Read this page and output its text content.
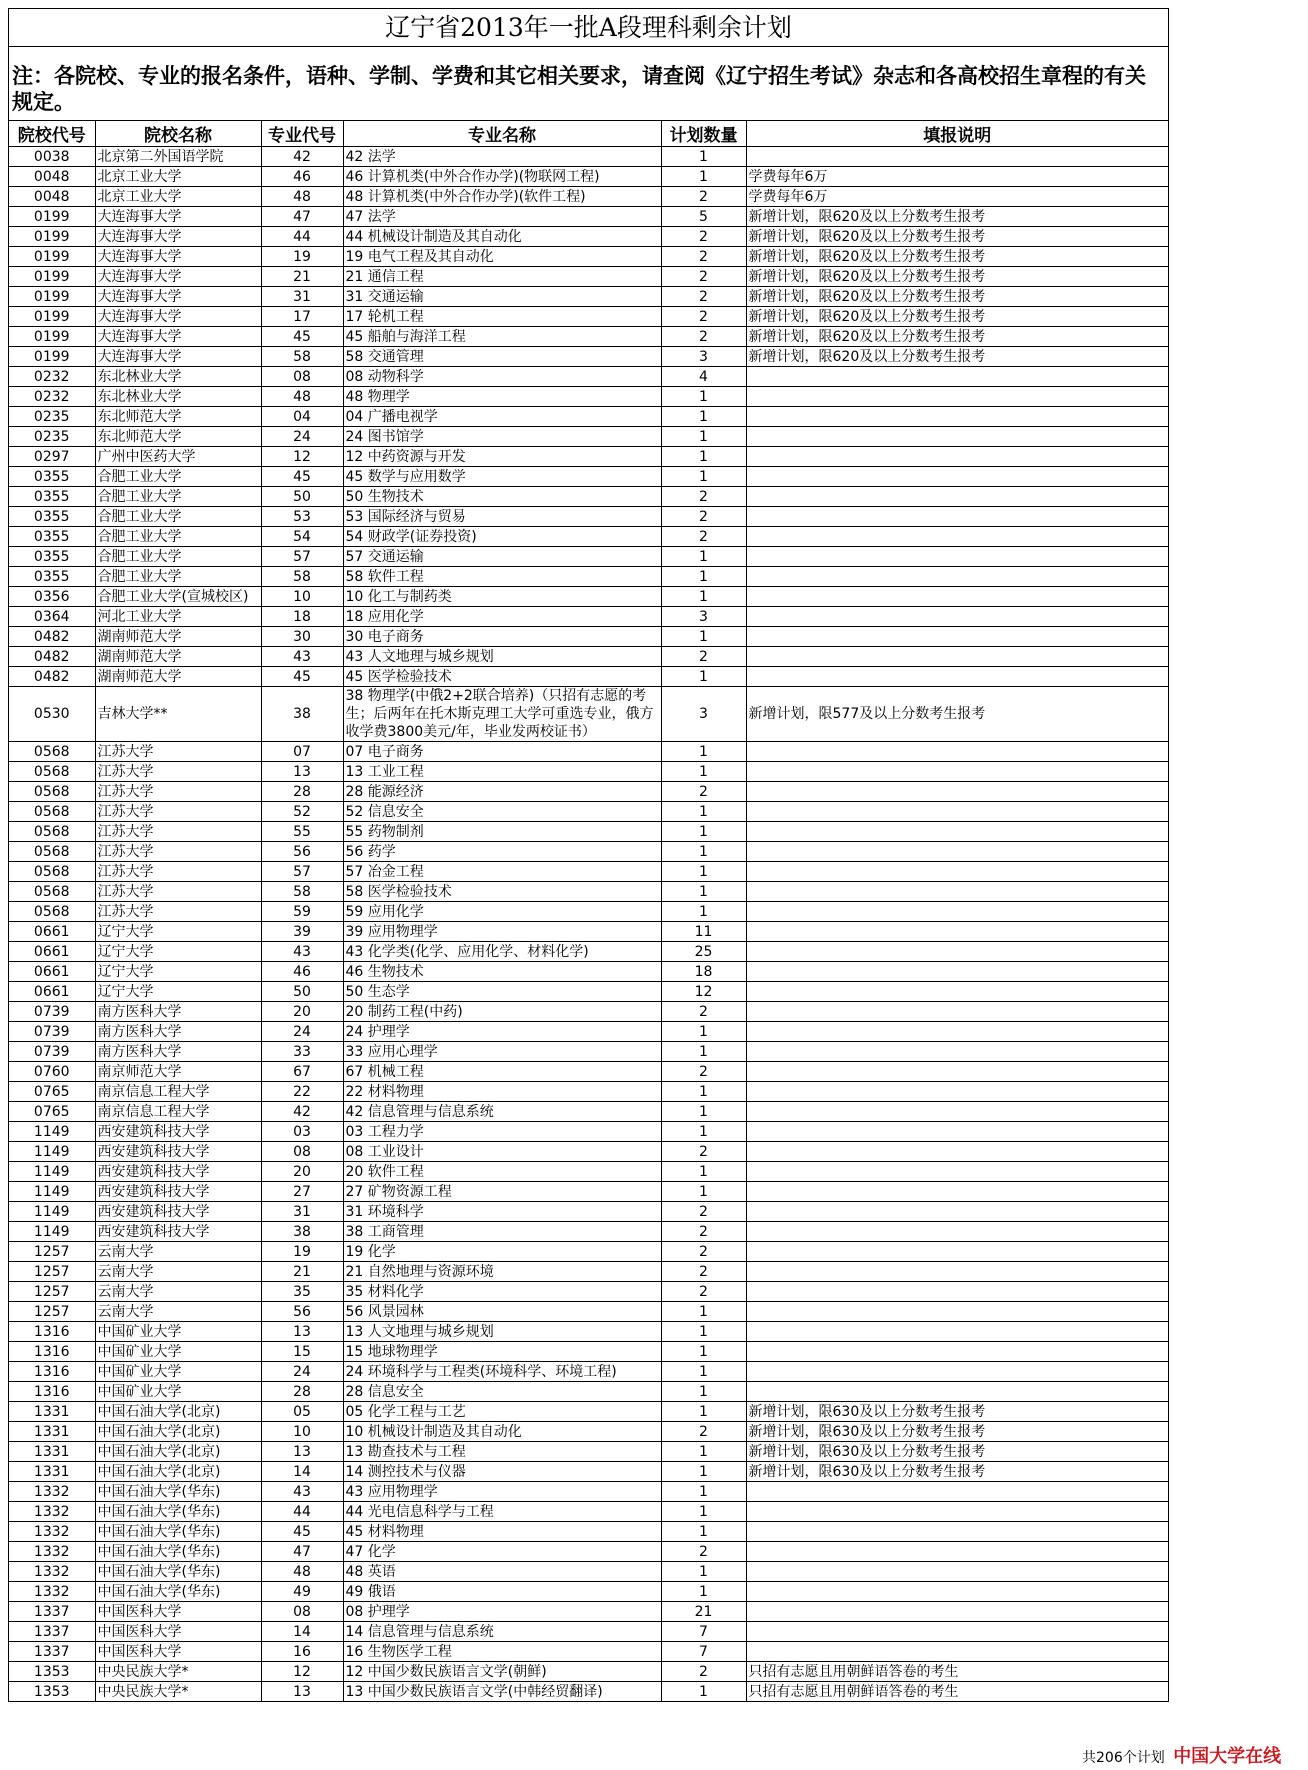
辽宁省2013年一批A段理科剩余计划
注：各院校、专业的报名条件，语种、学制、学费和其它相关要求，请查阅《辽宁招生考试》杂志和各高校招生章程的有关规定。
院校代号	院校名称	专业代号	专业名称	计划数量	填报说明
0038	北京第二外国语学院	42	42 法学	1	
0048	北京工业大学	46	46 计算机类(中外合作办学)(物联网工程)	1	学费每年6万
0048	北京工业大学	48	48 计算机类(中外合作办学)(软件工程)	2	学费每年6万
0199	大连海事大学	47	47 法学	5	新增计划，限620及以上分数考生报考
0199	大连海事大学	44	44 机械设计制造及其自动化	2	新增计划，限620及以上分数考生报考
0199	大连海事大学	19	19 电气工程及其自动化	2	新增计划，限620及以上分数考生报考
0199	大连海事大学	21	21 通信工程	2	新增计划，限620及以上分数考生报考
0199	大连海事大学	31	31 交通运输	2	新增计划，限620及以上分数考生报考
0199	大连海事大学	17	17 轮机工程	2	新增计划，限620及以上分数考生报考
0199	大连海事大学	45	45 船舶与海洋工程	2	新增计划，限620及以上分数考生报考
0199	大连海事大学	58	58 交通管理	3	新增计划，限620及以上分数考生报考
0232	东北林业大学	08	08 动物科学	4	
0232	东北林业大学	48	48 物理学	1	
0235	东北师范大学	04	04 广播电视学	1	
0235	东北师范大学	24	24 图书馆学	1	
0297	广州中医药大学	12	12 中药资源与开发	1	
0355	合肥工业大学	45	45 数学与应用数学	1	
0355	合肥工业大学	50	50 生物技术	2	
0355	合肥工业大学	53	53 国际经济与贸易	2	
0355	合肥工业大学	54	54 财政学(证券投资)	2	
0355	合肥工业大学	57	57 交通运输	1	
0355	合肥工业大学	58	58 软件工程	1	
0356	合肥工业大学(宣城校区)	10	10 化工与制药类	1	
0364	河北工业大学	18	18 应用化学	3	
0482	湖南师范大学	30	30 电子商务	1	
0482	湖南师范大学	43	43 人文地理与城乡规划	2	
0482	湖南师范大学	45	45 医学检验技术	1	
0530	吉林大学**	38	38 物理学(中俄2+2联合培养)（只招有志愿的考生；后两年在托木斯克理工大学可重选专业，俄方收学费3800美元/年，毕业发两校证书）	3	新增计划，限577及以上分数考生报考
0568	江苏大学	07	07 电子商务	1	
0568	江苏大学	13	13 工业工程	1	
0568	江苏大学	28	28 能源经济	2	
0568	江苏大学	52	52 信息安全	1	
0568	江苏大学	55	55 药物制剂	1	
0568	江苏大学	56	56 药学	1	
0568	江苏大学	57	57 冶金工程	1	
0568	江苏大学	58	58 医学检验技术	1	
0568	江苏大学	59	59 应用化学	1	
0661	辽宁大学	39	39 应用物理学	11	
0661	辽宁大学	43	43 化学类(化学、应用化学、材料化学)	25	
0661	辽宁大学	46	46 生物技术	18	
0661	辽宁大学	50	50 生态学	12	
0739	南方医科大学	20	20 制药工程(中药)	2	
0739	南方医科大学	24	24 护理学	1	
0739	南方医科大学	33	33 应用心理学	1	
0760	南京师范大学	67	67 机械工程	2	
0765	南京信息工程大学	22	22 材料物理	1	
0765	南京信息工程大学	42	42 信息管理与信息系统	1	
1149	西安建筑科技大学	03	03 工程力学	1	
1149	西安建筑科技大学	08	08 工业设计	2	
1149	西安建筑科技大学	20	20 软件工程	1	
1149	西安建筑科技大学	27	27 矿物资源工程	1	
1149	西安建筑科技大学	31	31 环境科学	2	
1149	西安建筑科技大学	38	38 工商管理	2	
1257	云南大学	19	19 化学	2	
1257	云南大学	21	21 自然地理与资源环境	2	
1257	云南大学	35	35 材料化学	2	
1257	云南大学	56	56 风景园林	1	
1316	中国矿业大学	13	13 人文地理与城乡规划	1	
1316	中国矿业大学	15	15 地球物理学	1	
1316	中国矿业大学	24	24 环境科学与工程类(环境科学、环境工程)	1	
1316	中国矿业大学	28	28 信息安全	1	
1331	中国石油大学(北京)	05	05 化学工程与工艺	1	新增计划，限630及以上分数考生报考
1331	中国石油大学(北京)	10	10 机械设计制造及其自动化	2	新增计划，限630及以上分数考生报考
1331	中国石油大学(北京)	13	13 勘查技术与工程	1	新增计划，限630及以上分数考生报考
1331	中国石油大学(北京)	14	14 测控技术与仪器	1	新增计划，限630及以上分数考生报考
1332	中国石油大学(华东)	43	43 应用物理学	1	
1332	中国石油大学(华东)	44	44 光电信息科学与工程	1	
1332	中国石油大学(华东)	45	45 材料物理	1	
1332	中国石油大学(华东)	47	47 化学	2	
1332	中国石油大学(华东)	48	48 英语	1	
1332	中国石油大学(华东)	49	49 俄语	1	
1337	中国医科大学	08	08 护理学	21	
1337	中国医科大学	14	14 信息管理与信息系统	7	
1337	中国医科大学	16	16 生物医学工程	7	
1353	中央民族大学*	12	12 中国少数民族语言文学(朝鲜)	2	只招有志愿且用朝鲜语答卷的考生
1353	中央民族大学*	13	13 中国少数民族语言文学(中韩经贸翻译)	1	只招有志愿且用朝鲜语答卷的考生
共206个计划 中国大学在线
